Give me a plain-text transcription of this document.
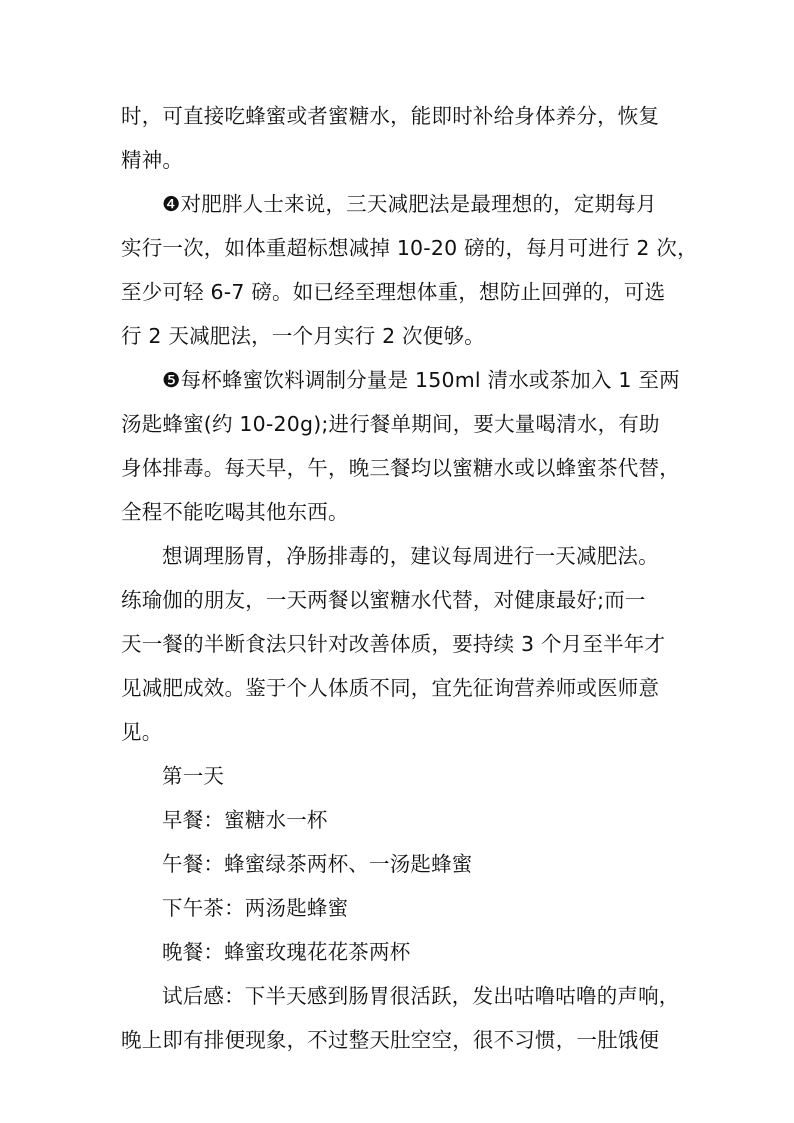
时，可直接吃蜂蜜或者蜜糖水，能即时补给身体养分，恢复
精神。
❹对肥胖人士来说，三天减肥法是最理想的，定期每月
实行一次，如体重超标想减掉 10-20 磅的，每月可进行 2 次，
至少可轻 6-7 磅。如已经至理想体重，想防止回弹的，可选
行 2 天减肥法，一个月实行 2 次便够。
❺每杯蜂蜜饮料调制分量是 150ml 清水或茶加入 1 至两
汤匙蜂蜜(约 10-20g);进行餐单期间，要大量喝清水，有助
身体排毒。每天早，午，晚三餐均以蜜糖水或以蜂蜜茶代替，
全程不能吃喝其他东西。
想调理肠胃，净肠排毒的，建议每周进行一天减肥法。
练瑜伽的朋友，一天两餐以蜜糖水代替，对健康最好;而一
天一餐的半断食法只针对改善体质，要持续 3 个月至半年才
见减肥成效。鉴于个人体质不同，宜先征询营养师或医师意
见。
第一天
早餐：蜜糖水一杯
午餐：蜂蜜绿茶两杯、一汤匙蜂蜜
下午茶：两汤匙蜂蜜
晚餐：蜂蜜玫瑰花花茶两杯
试后感：下半天感到肠胃很活跃，发出咕噜咕噜的声响，
晚上即有排便现象，不过整天肚空空，很不习惯，一肚饿便
